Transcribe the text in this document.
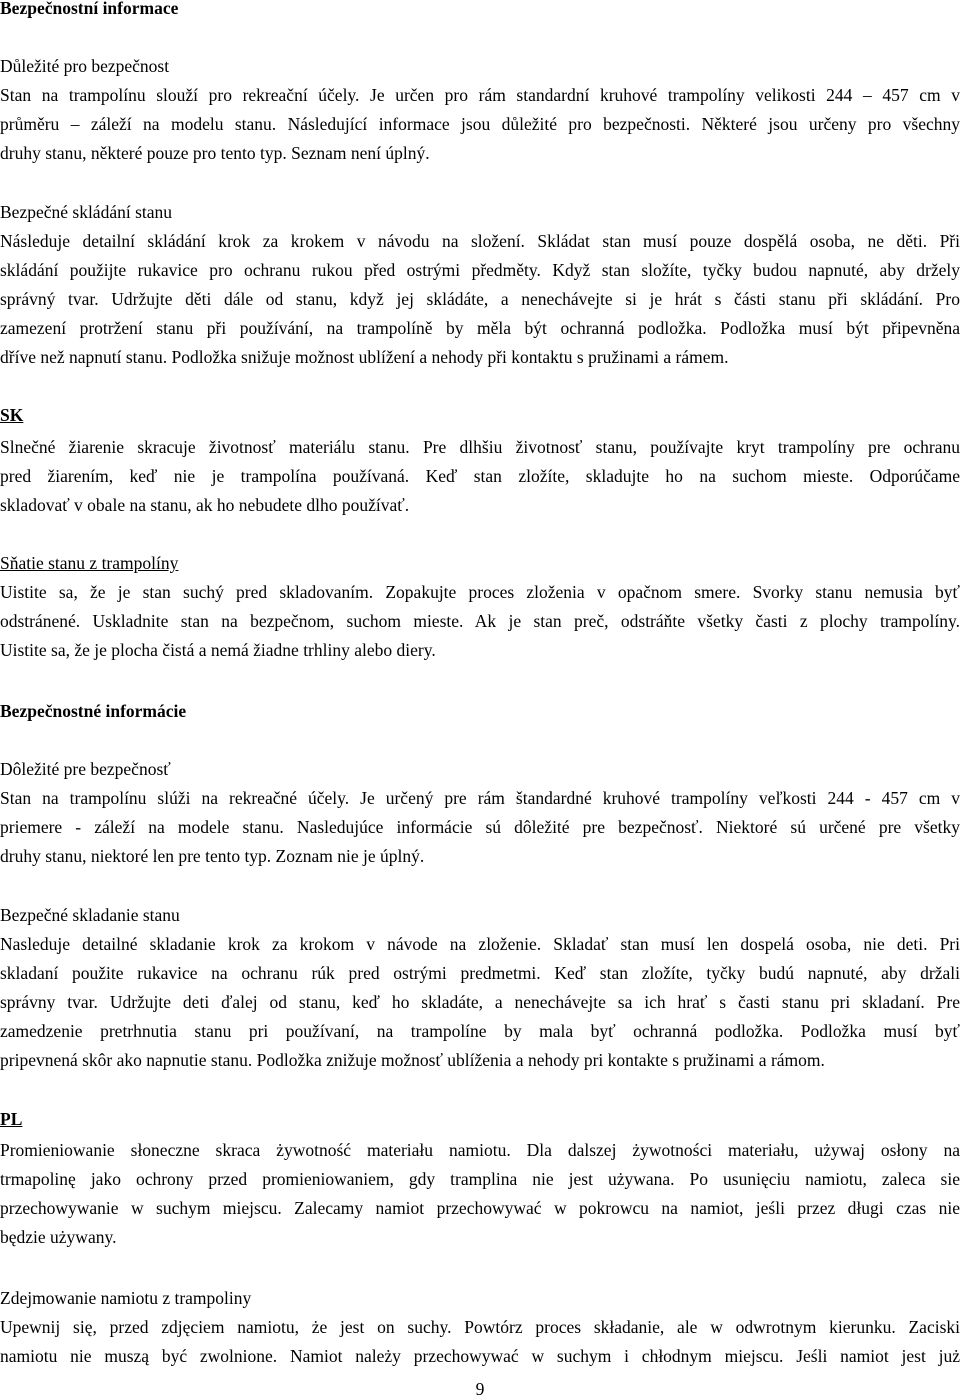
Bezpečnostní informace
Důležité pro bezpečnost
Stan na trampolínu slouží pro rekreační účely. Je určen pro rám standardní kruhové trampolíny velikosti 244 – 457 cm v
průměru – záleží na modelu stanu. Následující informace jsou důležité pro bezpečnosti. Některé jsou určeny pro všechny
druhy stanu, některé pouze pro tento typ. Seznam není úplný.
Bezpečné skládání stanu
Následuje detailní skládání krok za krokem v návodu na složení. Skládat stan musí pouze dospělá osoba, ne děti. Při
skládání použijte rukavice pro ochranu rukou před ostrými předměty. Když stan složíte, tyčky budou napnuté, aby držely
správný tvar. Udržujte děti dále od stanu, když jej skládáte, a nenechávejte si je hrát s části stanu při skládání. Pro
zamezení protržení stanu při používání, na trampolíně by měla být ochranná podložka. Podložka musí být připevněna
dříve než napnutí stanu. Podložka snižuje možnost ublížení a nehody při kontaktu s pružinami a rámem.
SK
Slnečné žiarenie skracuje životnosť materiálu stanu. Pre dlhšiu životnosť stanu, používajte kryt trampolíny pre ochranu
pred žiarením, keď nie je trampolína používaná. Keď stan zložíte, skladujte ho na suchom mieste. Odporúčame
skladovať v obale na stanu, ak ho nebudete dlho používať.
Sňatie stanu z trampolíny
Uistite sa, že je stan suchý pred skladovaním. Zopakujte proces zloženia v opačnom smere. Svorky stanu nemusia byť
odstránené. Uskladnite stan na bezpečnom, suchom mieste. Ak je stan preč, odstráňte všetky časti z plochy trampolíny.
Uistite sa, že je plocha čistá a nemá žiadne trhliny alebo diery.
Bezpečnostné informácie
Dôležité pre bezpečnosť
Stan na trampolínu slúži na rekreačné účely. Je určený pre rám štandardné kruhové trampolíny veľkosti 244 - 457 cm v
priemere - záleží na modele stanu. Nasledujúce informácie sú dôležité pre bezpečnosť. Niektoré sú určené pre všetky
druhy stanu, niektoré len pre tento typ. Zoznam nie je úplný.
Bezpečné skladanie stanu
Nasleduje detailné skladanie krok za krokom v návode na zloženie. Skladať stan musí len dospelá osoba, nie deti. Pri
skladaní použite rukavice na ochranu rúk pred ostrými predmetmi. Keď stan zložíte, tyčky budú napnuté, aby držali
správny tvar. Udržujte deti ďalej od stanu, keď ho skladáte, a nenechávejte sa ich hrať s časti stanu pri skladaní. Pre
zamedzenie pretrhnutia stanu pri používaní, na trampolíne by mala byť ochranná podložka. Podložka musí byť
pripevnená skôr ako napnutie stanu. Podložka znižuje možnosť ublíženia a nehody pri kontakte s pružinami a rámom.
PL
Promieniowanie słoneczne skraca żywotność materiału namiotu. Dla dalszej żywotności materiału, używaj osłony na
trmapolinę jako ochrony przed promieniowaniem, gdy tramplina nie jest używana. Po usunięciu namiotu, zaleca sie
przechowywanie w suchym miejscu. Zalecamy namiot przechowywać w pokrowcu na namiot, jeśli przez długi czas nie
będzie używany.
Zdejmowanie namiotu z trampoliny
Upewnij się, przed zdjęciem namiotu, że jest on suchy. Powtórz proces składanie, ale w odwrotnym kierunku. Zaciski
namiotu nie muszą być zwolnione. Namiot należy przechowywać w suchym i chłodnym miejscu. Jeśli namiot jest już
9
